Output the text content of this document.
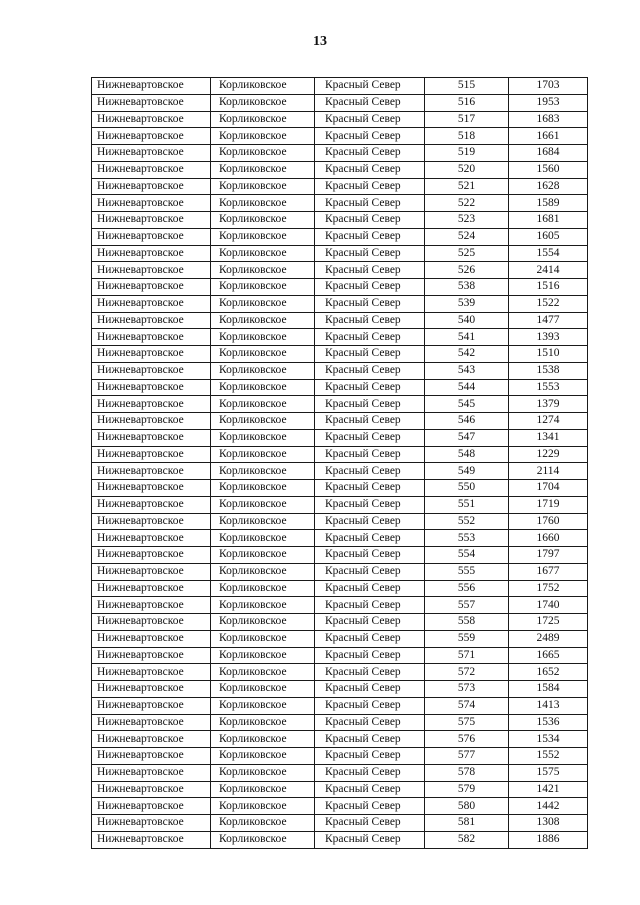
13
Нижневартовское	Корликовское	Красный Север	515	1703
Нижневартовское	Корликовское	Красный Север	516	1953
Нижневартовское	Корликовское	Красный Север	517	1683
Нижневартовское	Корликовское	Красный Север	518	1661
Нижневартовское	Корликовское	Красный Север	519	1684
Нижневартовское	Корликовское	Красный Север	520	1560
Нижневартовское	Корликовское	Красный Север	521	1628
Нижневартовское	Корликовское	Красный Север	522	1589
Нижневартовское	Корликовское	Красный Север	523	1681
Нижневартовское	Корликовское	Красный Север	524	1605
Нижневартовское	Корликовское	Красный Север	525	1554
Нижневартовское	Корликовское	Красный Север	526	2414
Нижневартовское	Корликовское	Красный Север	538	1516
Нижневартовское	Корликовское	Красный Север	539	1522
Нижневартовское	Корликовское	Красный Север	540	1477
Нижневартовское	Корликовское	Красный Север	541	1393
Нижневартовское	Корликовское	Красный Север	542	1510
Нижневартовское	Корликовское	Красный Север	543	1538
Нижневартовское	Корликовское	Красный Север	544	1553
Нижневартовское	Корликовское	Красный Север	545	1379
Нижневартовское	Корликовское	Красный Север	546	1274
Нижневартовское	Корликовское	Красный Север	547	1341
Нижневартовское	Корликовское	Красный Север	548	1229
Нижневартовское	Корликовское	Красный Север	549	2114
Нижневартовское	Корликовское	Красный Север	550	1704
Нижневартовское	Корликовское	Красный Север	551	1719
Нижневартовское	Корликовское	Красный Север	552	1760
Нижневартовское	Корликовское	Красный Север	553	1660
Нижневартовское	Корликовское	Красный Север	554	1797
Нижневартовское	Корликовское	Красный Север	555	1677
Нижневартовское	Корликовское	Красный Север	556	1752
Нижневартовское	Корликовское	Красный Север	557	1740
Нижневартовское	Корликовское	Красный Север	558	1725
Нижневартовское	Корликовское	Красный Север	559	2489
Нижневартовское	Корликовское	Красный Север	571	1665
Нижневартовское	Корликовское	Красный Север	572	1652
Нижневартовское	Корликовское	Красный Север	573	1584
Нижневартовское	Корликовское	Красный Север	574	1413
Нижневартовское	Корликовское	Красный Север	575	1536
Нижневартовское	Корликовское	Красный Север	576	1534
Нижневартовское	Корликовское	Красный Север	577	1552
Нижневартовское	Корликовское	Красный Север	578	1575
Нижневартовское	Корликовское	Красный Север	579	1421
Нижневартовское	Корликовское	Красный Север	580	1442
Нижневартовское	Корликовское	Красный Север	581	1308
Нижневартовское	Корликовское	Красный Север	582	1886
